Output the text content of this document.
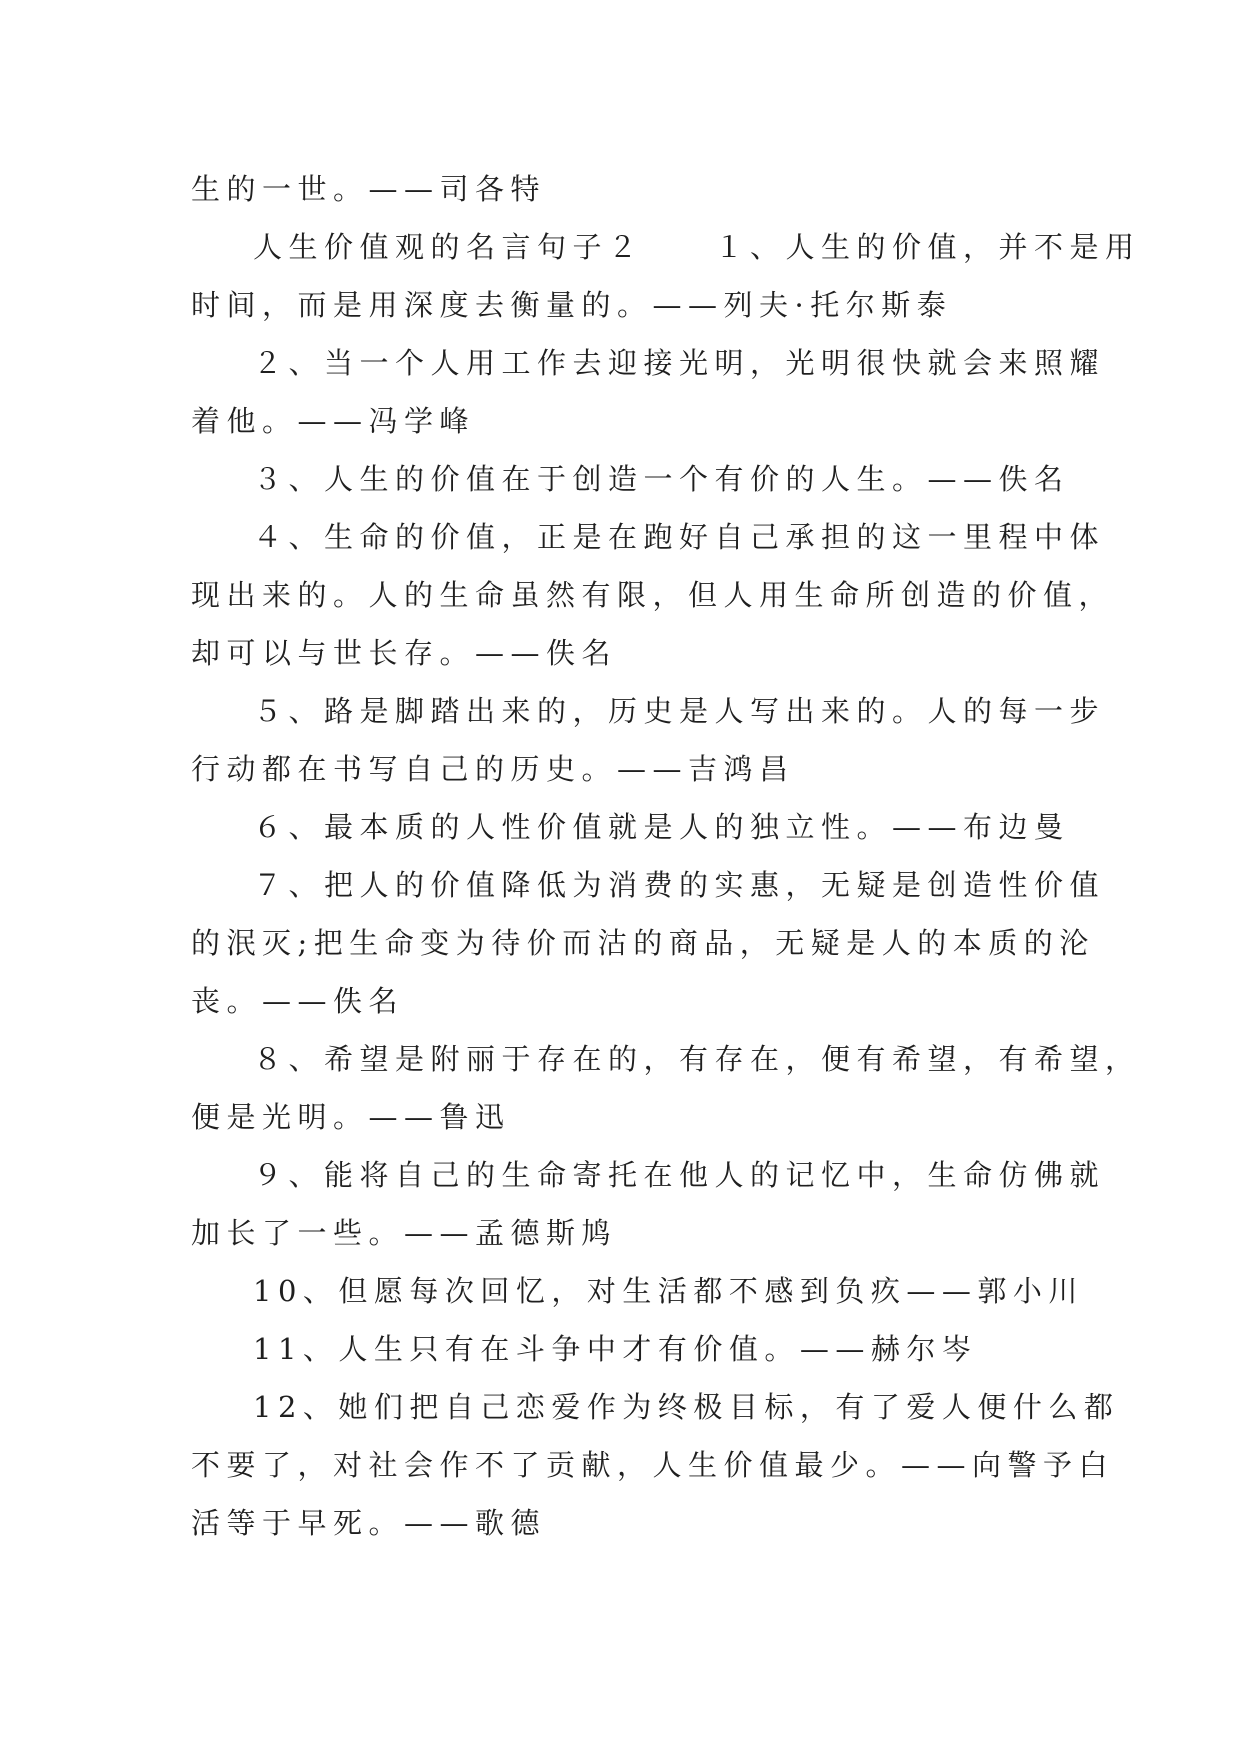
生的一世。——司各特

人生价值观的名言句子２　　１、人生的价值，并不是用

时间，而是用深度去衡量的。——列夫·托尔斯泰

２、当一个人用工作去迎接光明，光明很快就会来照耀

着他。——冯学峰

３、人生的价值在于创造一个有价的人生。——佚名

４、生命的价值，正是在跑好自己承担的这一里程中体

现出来的。人的生命虽然有限，但人用生命所创造的价值，

却可以与世长存。——佚名

５、路是脚踏出来的，历史是人写出来的。人的每一步

行动都在书写自己的历史。——吉鸿昌

６、最本质的人性价值就是人的独立性。——布边曼

７、把人的价值降低为消费的实惠，无疑是创造性价值

的泯灭;把生命变为待价而沽的商品，无疑是人的本质的沦

丧。——佚名

８、希望是附丽于存在的，有存在，便有希望，有希望，

便是光明。——鲁迅

９、能将自己的生命寄托在他人的记忆中，生命仿佛就

加长了一些。——孟德斯鸠

10、但愿每次回忆，对生活都不感到负疚——郭小川

11、人生只有在斗争中才有价值。——赫尔岑

12、她们把自己恋爱作为终极目标，有了爱人便什么都

不要了，对社会作不了贡献，人生价值最少。——向警予白

活等于早死。——歌德
